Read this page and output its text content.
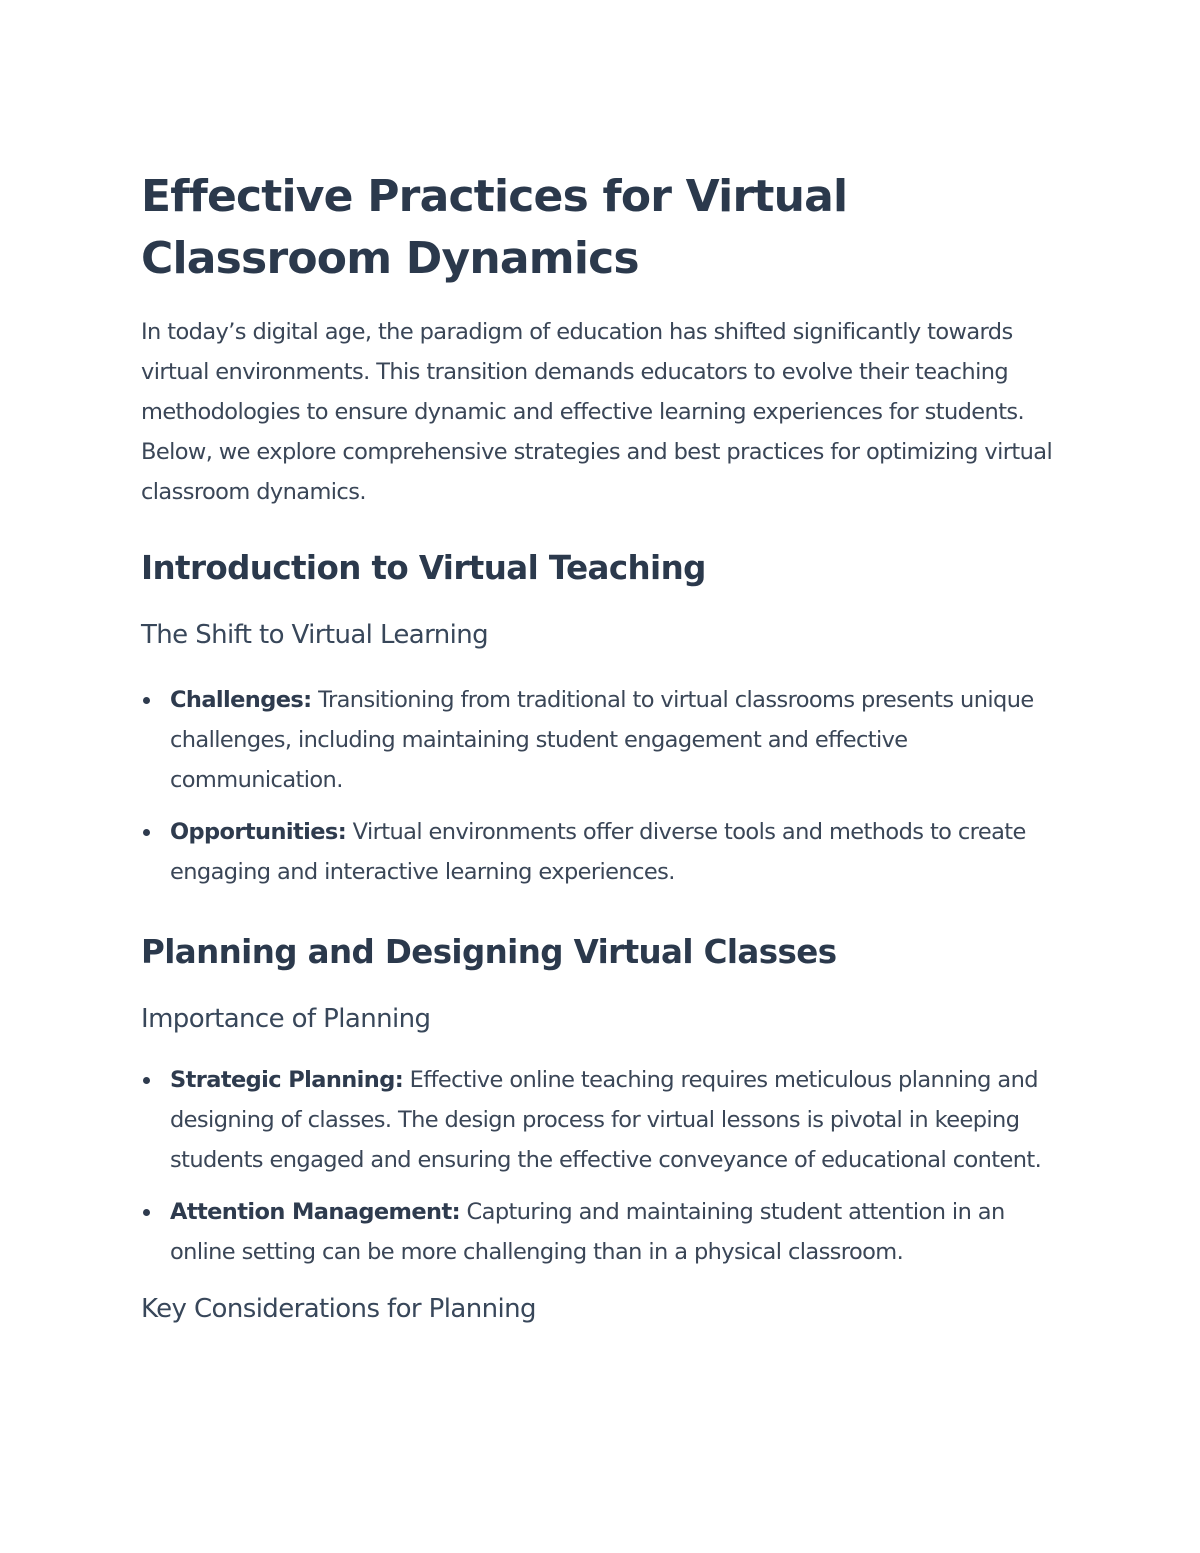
Effective Practices for Virtual Classroom Dynamics

In today’s digital age, the paradigm of education has shifted significantly towards virtual environments. This transition demands educators to evolve their teaching methodologies to ensure dynamic and effective learning experiences for students. Below, we explore comprehensive strategies and best practices for optimizing virtual classroom dynamics.

Introduction to Virtual Teaching
The Shift to Virtual Learning
Challenges: Transitioning from traditional to virtual classrooms presents unique challenges, including maintaining student engagement and effective communication.
Opportunities: Virtual environments offer diverse tools and methods to create engaging and interactive learning experiences.
Planning and Designing Virtual Classes
Importance of Planning
Strategic Planning: Effective online teaching requires meticulous planning and designing of classes. The design process for virtual lessons is pivotal in keeping students engaged and ensuring the effective conveyance of educational content.
Attention Management: Capturing and maintaining student attention in an online setting can be more challenging than in a physical classroom.
Key Considerations for Planning
